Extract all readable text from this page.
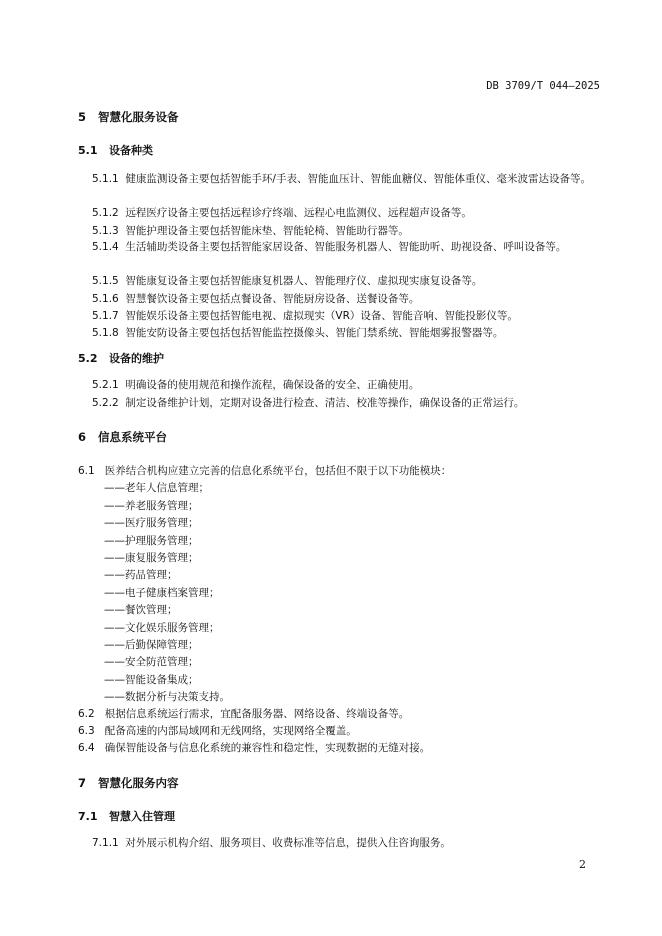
DB 3709/T 044—2025
5 智慧化服务设备
5.1 设备种类
5.1.1 健康监测设备主要包括智能手环/手表、智能血压计、智能血糖仪、智能体重仪、毫米波雷达设备等。
5.1.2 远程医疗设备主要包括远程诊疗终端、远程心电监测仪、远程超声设备等。
5.1.3 智能护理设备主要包括智能床垫、智能轮椅、智能助行器等。
5.1.4 生活辅助类设备主要包括智能家居设备、智能服务机器人、智能助听、助视设备、呼叫设备等。
5.1.5 智能康复设备主要包括智能康复机器人、智能理疗仪、虚拟现实康复设备等。
5.1.6 智慧餐饮设备主要包括点餐设备、智能厨房设备、送餐设备等。
5.1.7 智能娱乐设备主要包括智能电视、虚拟现实（VR）设备、智能音响、智能投影仪等。
5.1.8 智能安防设备主要包括包括智能监控摄像头、智能门禁系统、智能烟雾报警器等。
5.2 设备的维护
5.2.1 明确设备的使用规范和操作流程，确保设备的安全、正确使用。
5.2.2 制定设备维护计划，定期对设备进行检查、清洁、校准等操作，确保设备的正常运行。
6 信息系统平台
6.1 医养结合机构应建立完善的信息化系统平台，包括但不限于以下功能模块：
——老年人信息管理；
——养老服务管理；
——医疗服务管理；
——护理服务管理；
——康复服务管理；
——药品管理；
——电子健康档案管理；
——餐饮管理；
——文化娱乐服务管理；
——后勤保障管理；
——安全防范管理；
——智能设备集成；
——数据分析与决策支持。
6.2 根据信息系统运行需求，宜配备服务器、网络设备、终端设备等。
6.3 配备高速的内部局域网和无线网络，实现网络全覆盖。
6.4 确保智能设备与信息化系统的兼容性和稳定性，实现数据的无缝对接。
7 智慧化服务内容
7.1 智慧入住管理
7.1.1 对外展示机构介绍、服务项目、收费标准等信息，提供入住咨询服务。
2
